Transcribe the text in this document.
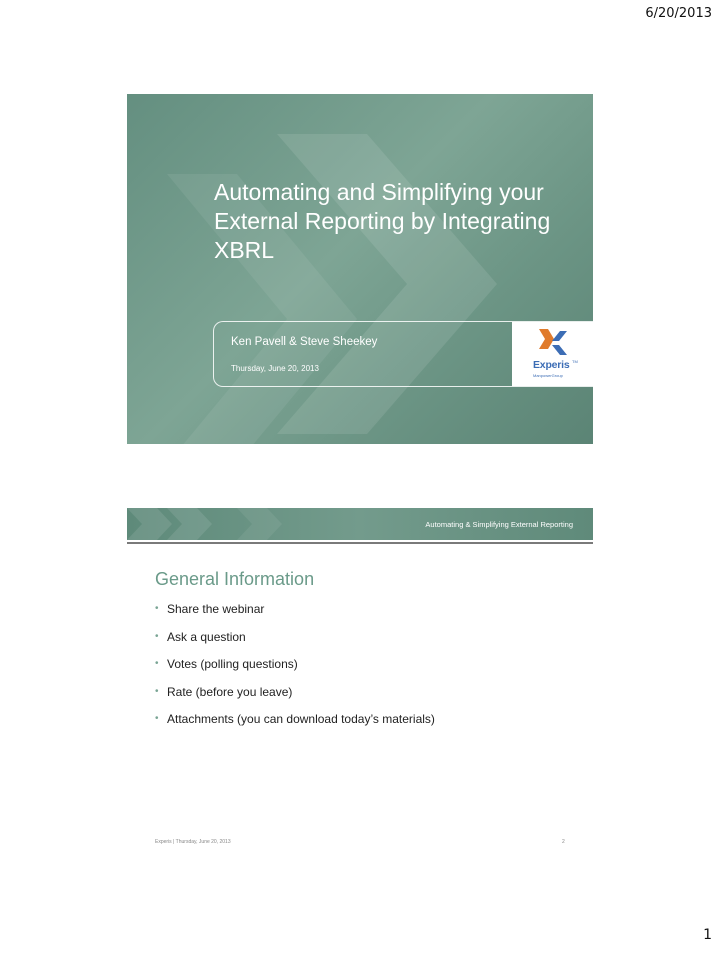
6/20/2013
Automating and Simplifying your External Reporting by Integrating XBRL
Ken Pavell & Steve Sheekey
Thursday, June 20, 2013	Experis TM
ManpowerGroup
Automating & Simplifying External Reporting
General Information
• Share the webinar
• Ask a question
• Votes (polling questions)
• Rate (before you leave)
• Attachments (you can download today’s materials)
Experis | Thursday, June 20, 2013	2
1
